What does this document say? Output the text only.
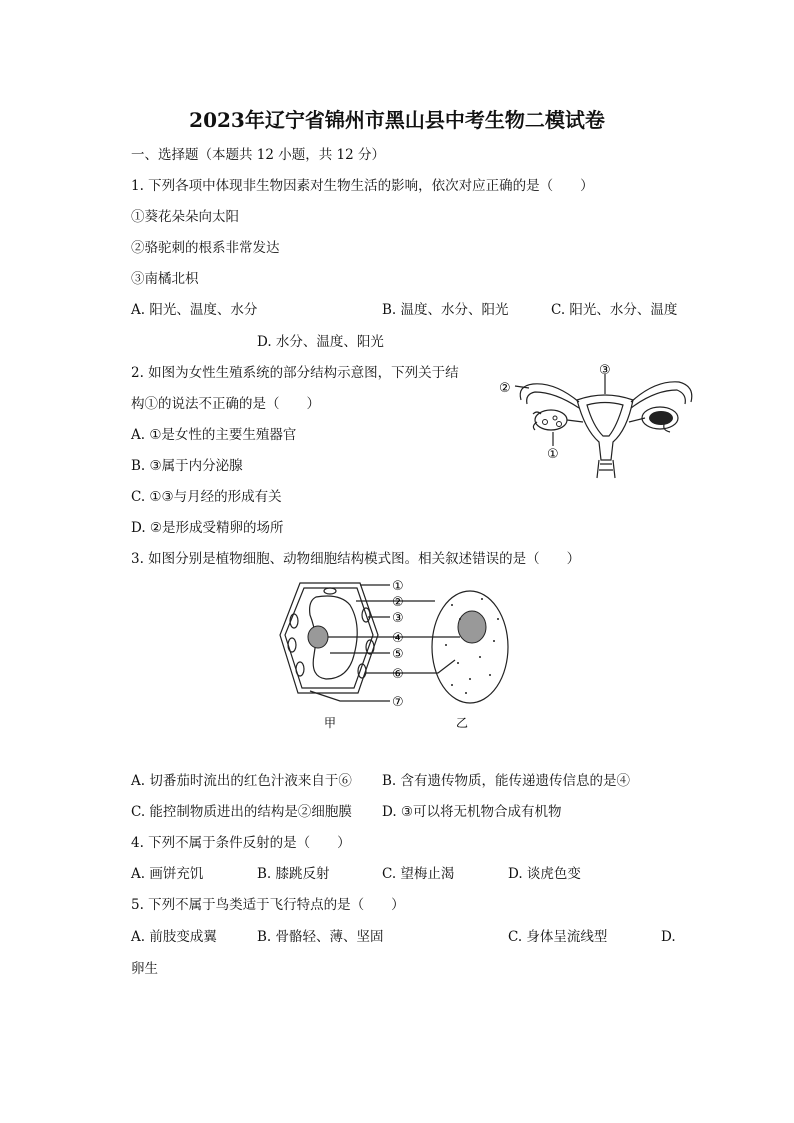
2023年辽宁省锦州市黑山县中考生物二模试卷
一、选择题（本题共 12 小题，共 12 分）
1. 下列各项中体现非生物因素对生物生活的影响，依次对应正确的是（　　）
①葵花朵朵向太阳
②骆驼刺的根系非常发达
③南橘北枳
A. 阳光、温度、水分	B. 温度、水分、阳光	C. 阳光、水分、温度
D. 水分、温度、阳光
2. 如图为女性生殖系统的部分结构示意图，下列关于结
构①的说法不正确的是（　　）
A. ①是女性的主要生殖器官
B. ③属于内分泌腺
C. ①③与月经的形成有关
D. ②是形成受精卵的场所
③
②
①
3. 如图分别是植物细胞、动物细胞结构模式图。相关叙述错误的是（　　）
①
②
③
④
⑤
⑥
⑦
甲	乙
A. 切番茄时流出的红色汁液来自于⑥ B. 含有遗传物质，能传递遗传信息的是④
C. 能控制物质进出的结构是②细胞膜 D. ③可以将无机物合成有机物
4. 下列不属于条件反射的是（　　）
A. 画饼充饥	B. 膝跳反射	C. 望梅止渴	D. 谈虎色变
5. 下列不属于鸟类适于飞行特点的是（　　）
A. 前肢变成翼	B. 骨骼轻、薄、坚固	C. 身体呈流线型	D.
卵生
